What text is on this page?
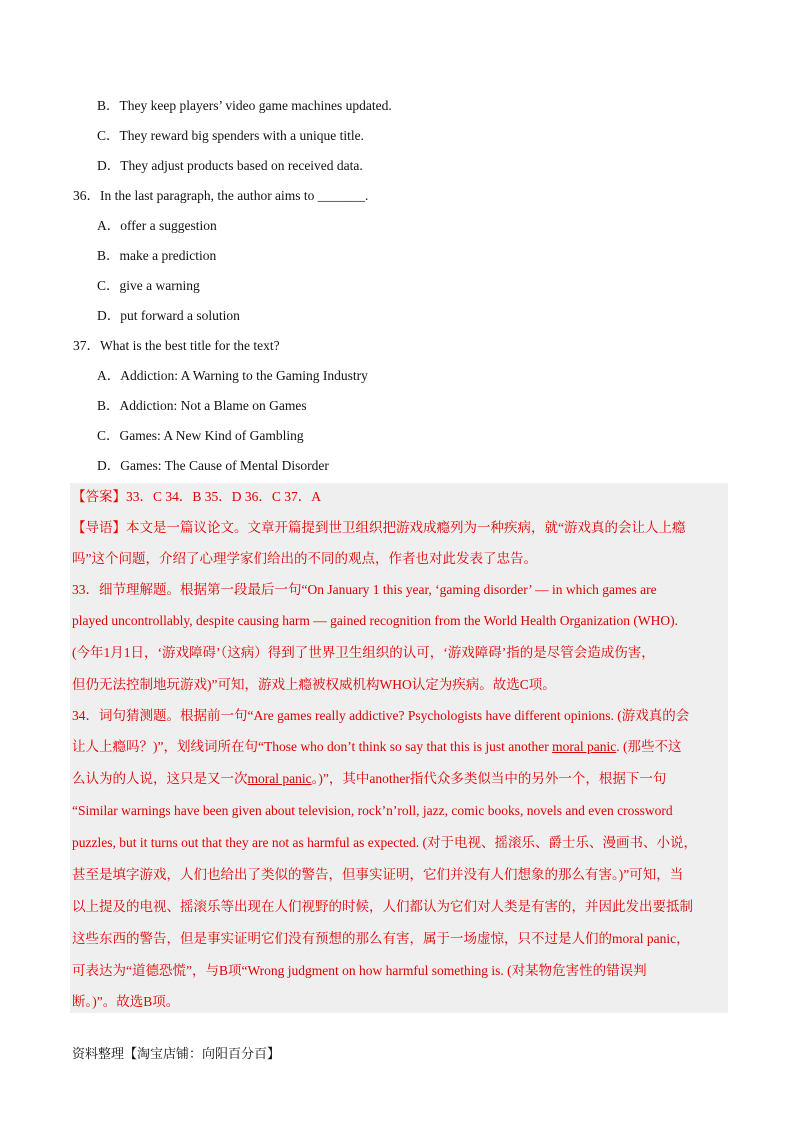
B．They keep players’ video game machines updated.
C．They reward big spenders with a unique title.
D．They adjust products based on received data.
36．In the last paragraph, the author aims to _______.
A．offer a suggestion
B．make a prediction
C．give a warning
D．put forward a solution
37．What is the best title for the text?
A．Addiction: A Warning to the Gaming Industry
B．Addiction: Not a Blame on Games
C．Games: A New Kind of Gambling
D．Games: The Cause of Mental Disorder
【答案】33．C 34．B 35．D 36．C 37．A
【导语】本文是一篇议论文。文章开篇提到世卫组织把游戏成瘾列为一种疾病，就“游戏真的会让人上瘾
吗”这个问题，介绍了心理学家们给出的不同的观点，作者也对此发表了忠告。
33．细节理解题。根据第一段最后一句“On January 1 this year, ‘gaming disorder’ — in which games are
played uncontrollably, despite causing harm — gained recognition from the World Health Organization (WHO).
(今年1月1日，‘游戏障碍’（这病）得到了世界卫生组织的认可，‘游戏障碍’指的是尽管会造成伤害，
但仍无法控制地玩游戏)”可知，游戏上瘾被权威机构WHO认定为疾病。故选C项。
34．词句猜测题。根据前一句“Are games really addictive? Psychologists have different opinions. (游戏真的会
让人上瘾吗？)”，划线词所在句“Those who don’t think so say that this is just another moral panic. (那些不这
么认为的人说，这只是又一次moral panic。)”，其中another指代众多类似当中的另外一个，根据下一句
“Similar warnings have been given about television, rock’n’roll, jazz, comic books, novels and even crossword
puzzles, but it turns out that they are not as harmful as expected. (对于电视、摇滚乐、爵士乐、漫画书、小说，
甚至是填字游戏，人们也给出了类似的警告，但事实证明，它们并没有人们想象的那么有害。)”可知，当
以上提及的电视、摇滚乐等出现在人们视野的时候，人们都认为它们对人类是有害的，并因此发出要抵制
这些东西的警告，但是事实证明它们没有预想的那么有害，属于一场虚惊，只不过是人们的moral panic，
可表达为“道德恐慌”，与B项“Wrong judgment on how harmful something is. (对某物危害性的错误判
断。)”。故选B项。
资料整理【淘宝店铺：向阳百分百】
